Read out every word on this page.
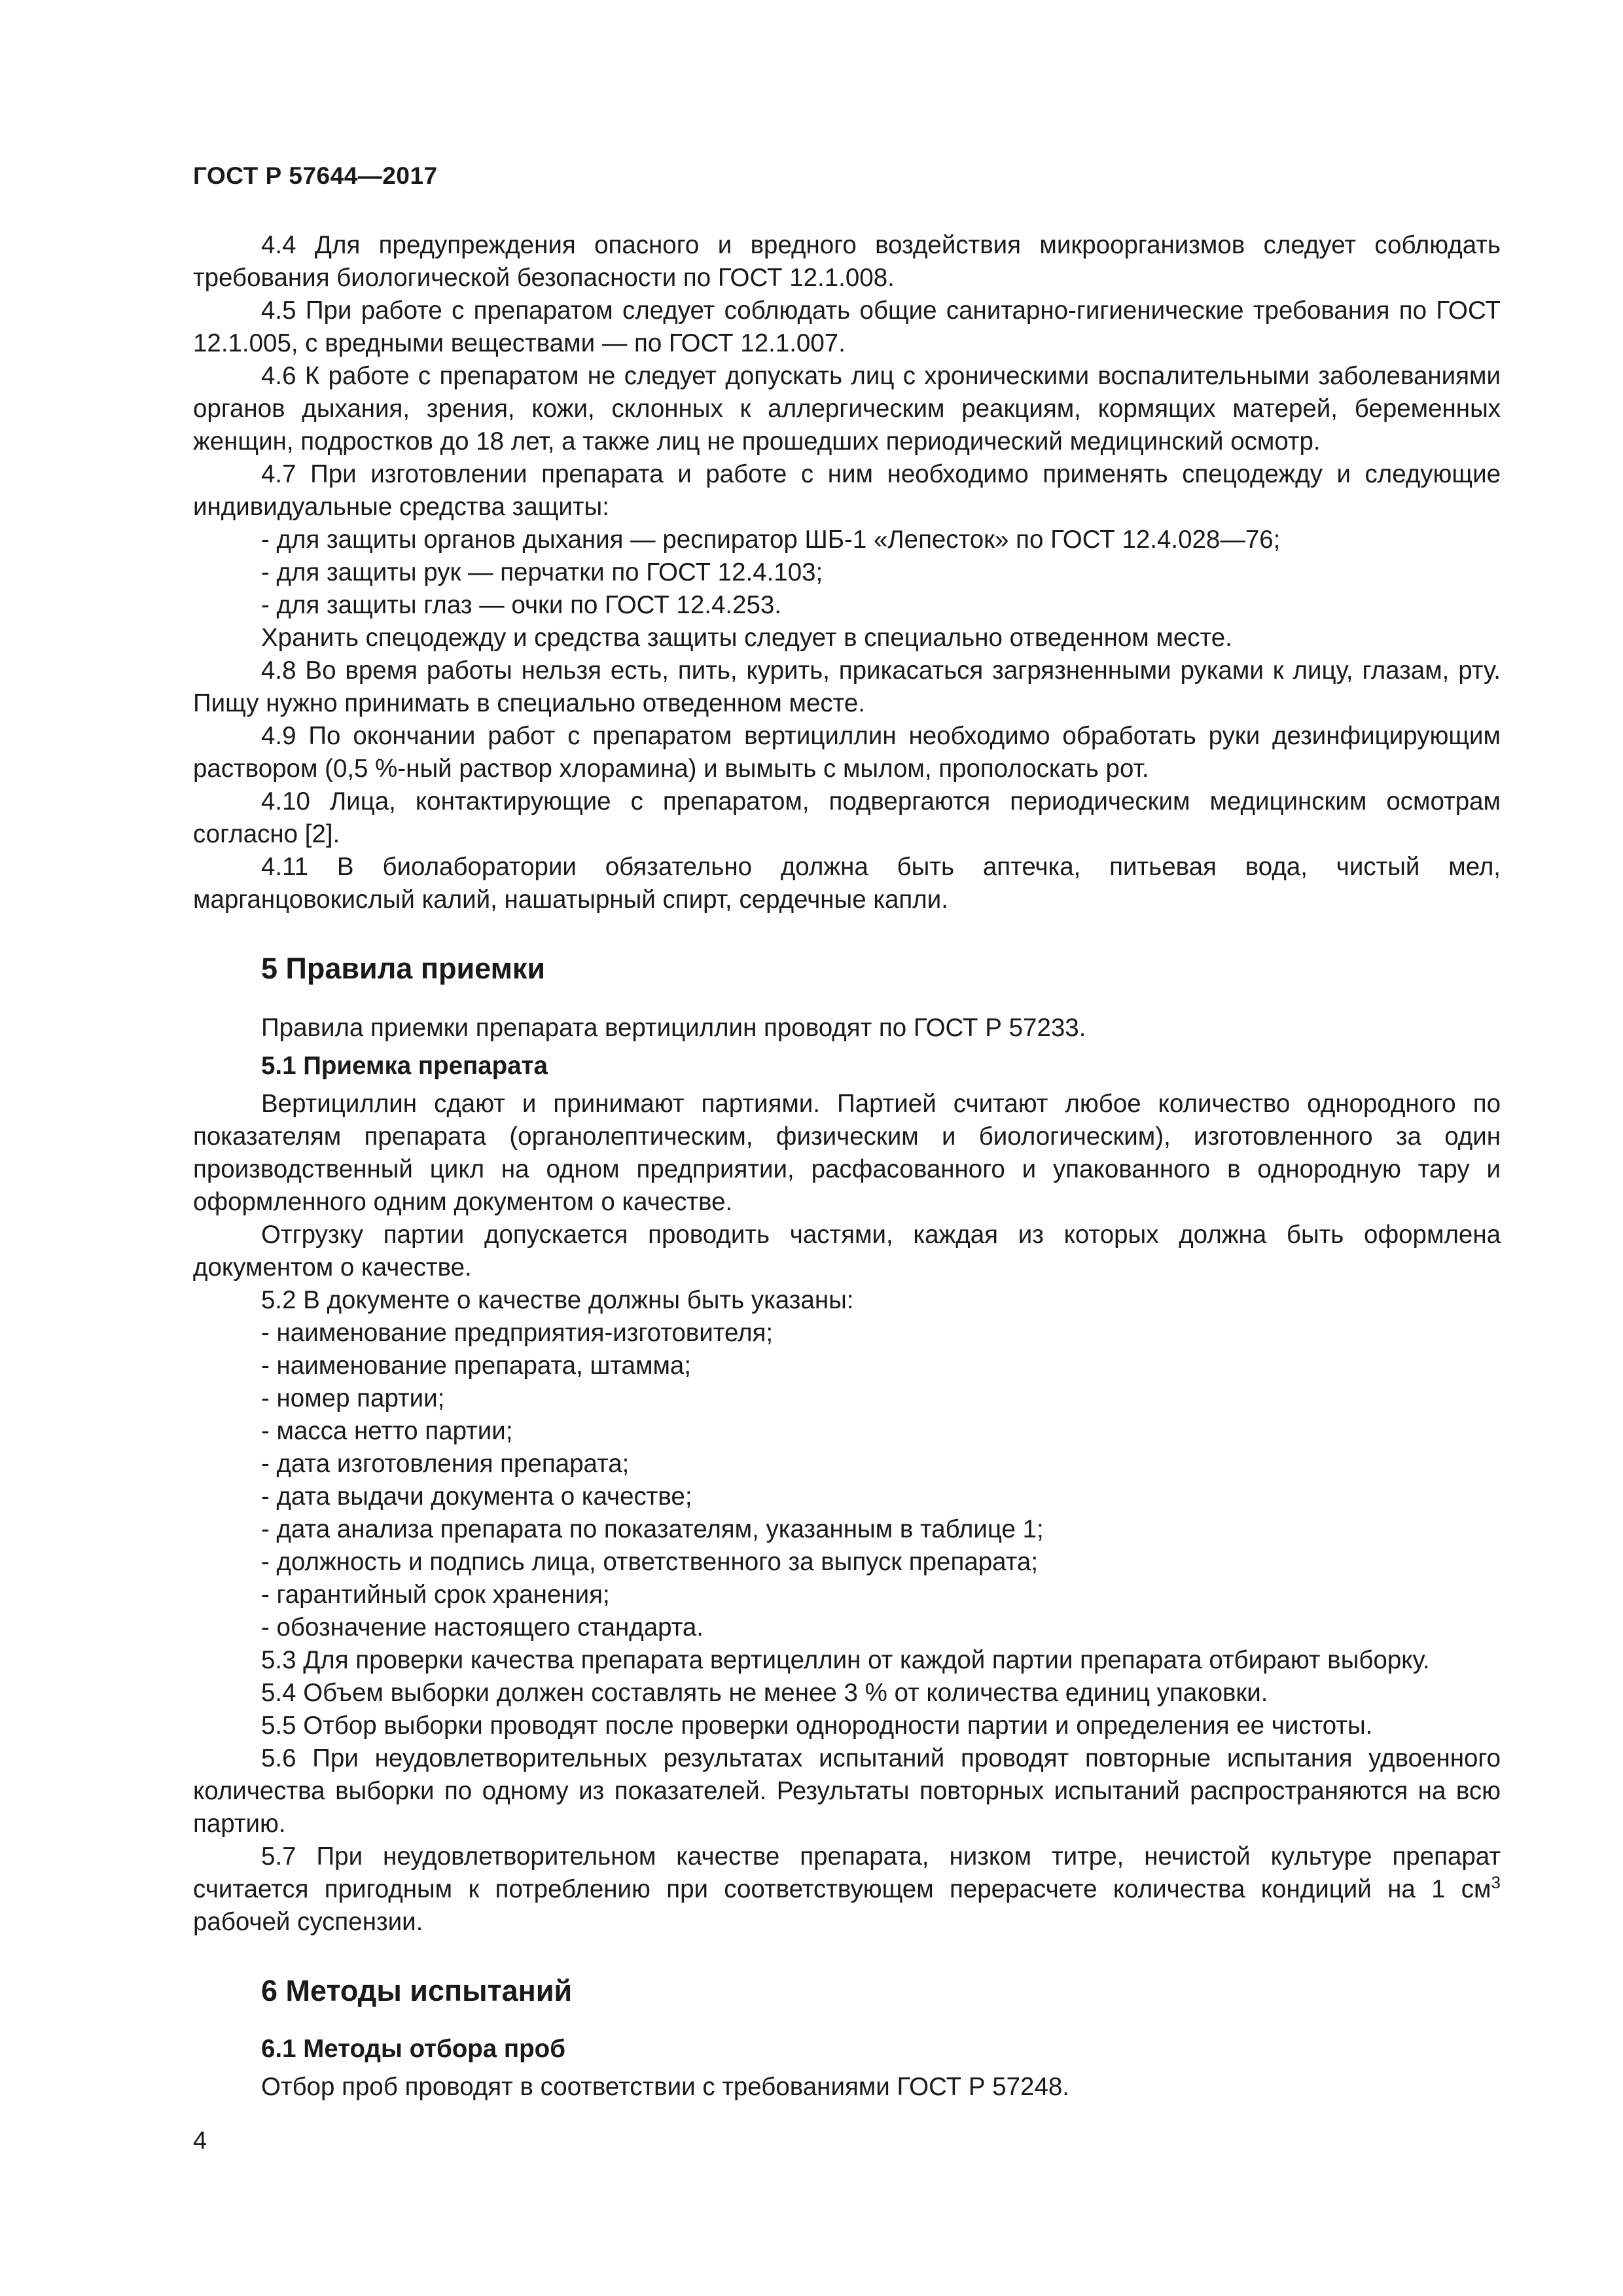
ГОСТ Р 57644—2017

4.4 Для предупреждения опасного и вредного воздействия микроорганизмов следует соблюдать требования биологической безопасности по ГОСТ 12.1.008.

4.5 При работе с препаратом следует соблюдать общие санитарно-гигиенические требования по ГОСТ 12.1.005, с вредными веществами — по ГОСТ 12.1.007.

4.6 К работе с препаратом не следует допускать лиц с хроническими воспалительными заболеваниями органов дыхания, зрения, кожи, склонных к аллергическим реакциям, кормящих матерей, беременных женщин, подростков до 18 лет, а также лиц не прошедших периодический медицинский осмотр.

4.7 При изготовлении препарата и работе с ним необходимо применять спецодежду и следующие индивидуальные средства защиты:

- для защиты органов дыхания — респиратор ШБ-1 «Лепесток» по ГОСТ 12.4.028—76;

- для защиты рук — перчатки по ГОСТ 12.4.103;

- для защиты глаз — очки по ГОСТ 12.4.253.

Хранить спецодежду и средства защиты следует в специально отведенном месте.

4.8 Во время работы нельзя есть, пить, курить, прикасаться загрязненными руками к лицу, глазам, рту. Пищу нужно принимать в специально отведенном месте.

4.9 По окончании работ с препаратом вертициллин необходимо обработать руки дезинфицирующим раствором (0,5 %-ный раствор хлорамина) и вымыть с мылом, прополоскать рот.

4.10 Лица, контактирующие с препаратом, подвергаются периодическим медицинским осмотрам согласно [2].

4.11 В биолаборатории обязательно должна быть аптечка, питьевая вода, чистый мел, марганцовокислый калий, нашатырный спирт, сердечные капли.

5 Правила приемки

Правила приемки препарата вертициллин проводят по ГОСТ Р 57233.

5.1 Приемка препарата

Вертициллин сдают и принимают партиями. Партией считают любое количество однородного по показателям препарата (органолептическим, физическим и биологическим), изготовленного за один производственный цикл на одном предприятии, расфасованного и упакованного в однородную тару и оформленного одним документом о качестве.

Отгрузку партии допускается проводить частями, каждая из которых должна быть оформлена документом о качестве.

5.2 В документе о качестве должны быть указаны:

- наименование предприятия-изготовителя;

- наименование препарата, штамма;

- номер партии;

- масса нетто партии;

- дата изготовления препарата;

- дата выдачи документа о качестве;

- дата анализа препарата по показателям, указанным в таблице 1;

- должность и подпись лица, ответственного за выпуск препарата;

- гарантийный срок хранения;

- обозначение настоящего стандарта.

5.3 Для проверки качества препарата вертицеллин от каждой партии препарата отбирают выборку.

5.4 Объем выборки должен составлять не менее 3 % от количества единиц упаковки.

5.5 Отбор выборки проводят после проверки однородности партии и определения ее чистоты.

5.6 При неудовлетворительных результатах испытаний проводят повторные испытания удвоенного количества выборки по одному из показателей. Результаты повторных испытаний распространяются на всю партию.

5.7 При неудовлетворительном качестве препарата, низком титре, нечистой культуре препарат считается пригодным к потреблению при соответствующем перерасчете количества кондиций на 1 $см^3$ рабочей суспензии.

6 Методы испытаний

6.1 Методы отбора проб

Отбор проб проводят в соответствии с требованиями ГОСТ Р 57248.

4
